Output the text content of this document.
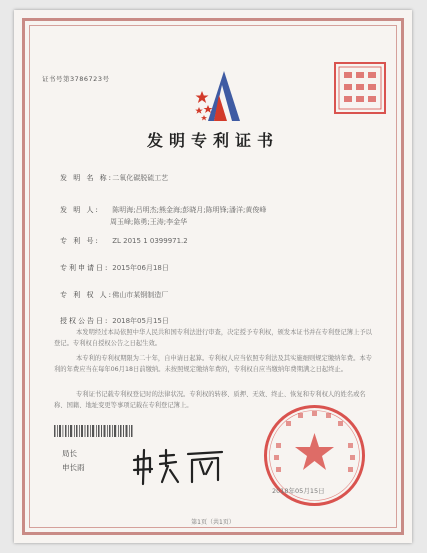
证书号第3786723号
发明专利证书
发 明 名 称: 二氧化碳脱硫工艺
发 明 人: 陈明海;吕明杰;熊金海;彭晓月;陈明锋;潘洋;黄俊峰
周玉峰;陈勇;王涛;李金华
专 利 号: ZL 2015 1 0399971.2
专利申请日: 2015年06月18日
专 利 权 人: 佛山市某钢制造厂
授权公告日: 2018年05月15日
本发明经过本局依照中华人民共和国专利法进行审查，决定授予专利权，颁发本证书并在专利登记簿上予以登记。专利权自授权公告之日起生效。
本专利的专利权期限为二十年，自申请日起算。专利权人应当依照专利法及其实施细则规定缴纳年费。本专利的年费应当在每年06月18日前缴纳。未按照规定缴纳年费的，专利权自应当缴纳年费期满之日起终止。
专利证书记载专利权登记时的法律状况。专利权的转移、质押、无效、终止、恢复和专利权人的姓名或名称、国籍、地址变更等事项记载在专利登记簿上。
局长
申长雨
2018年05月15日
第1页（共1页）
